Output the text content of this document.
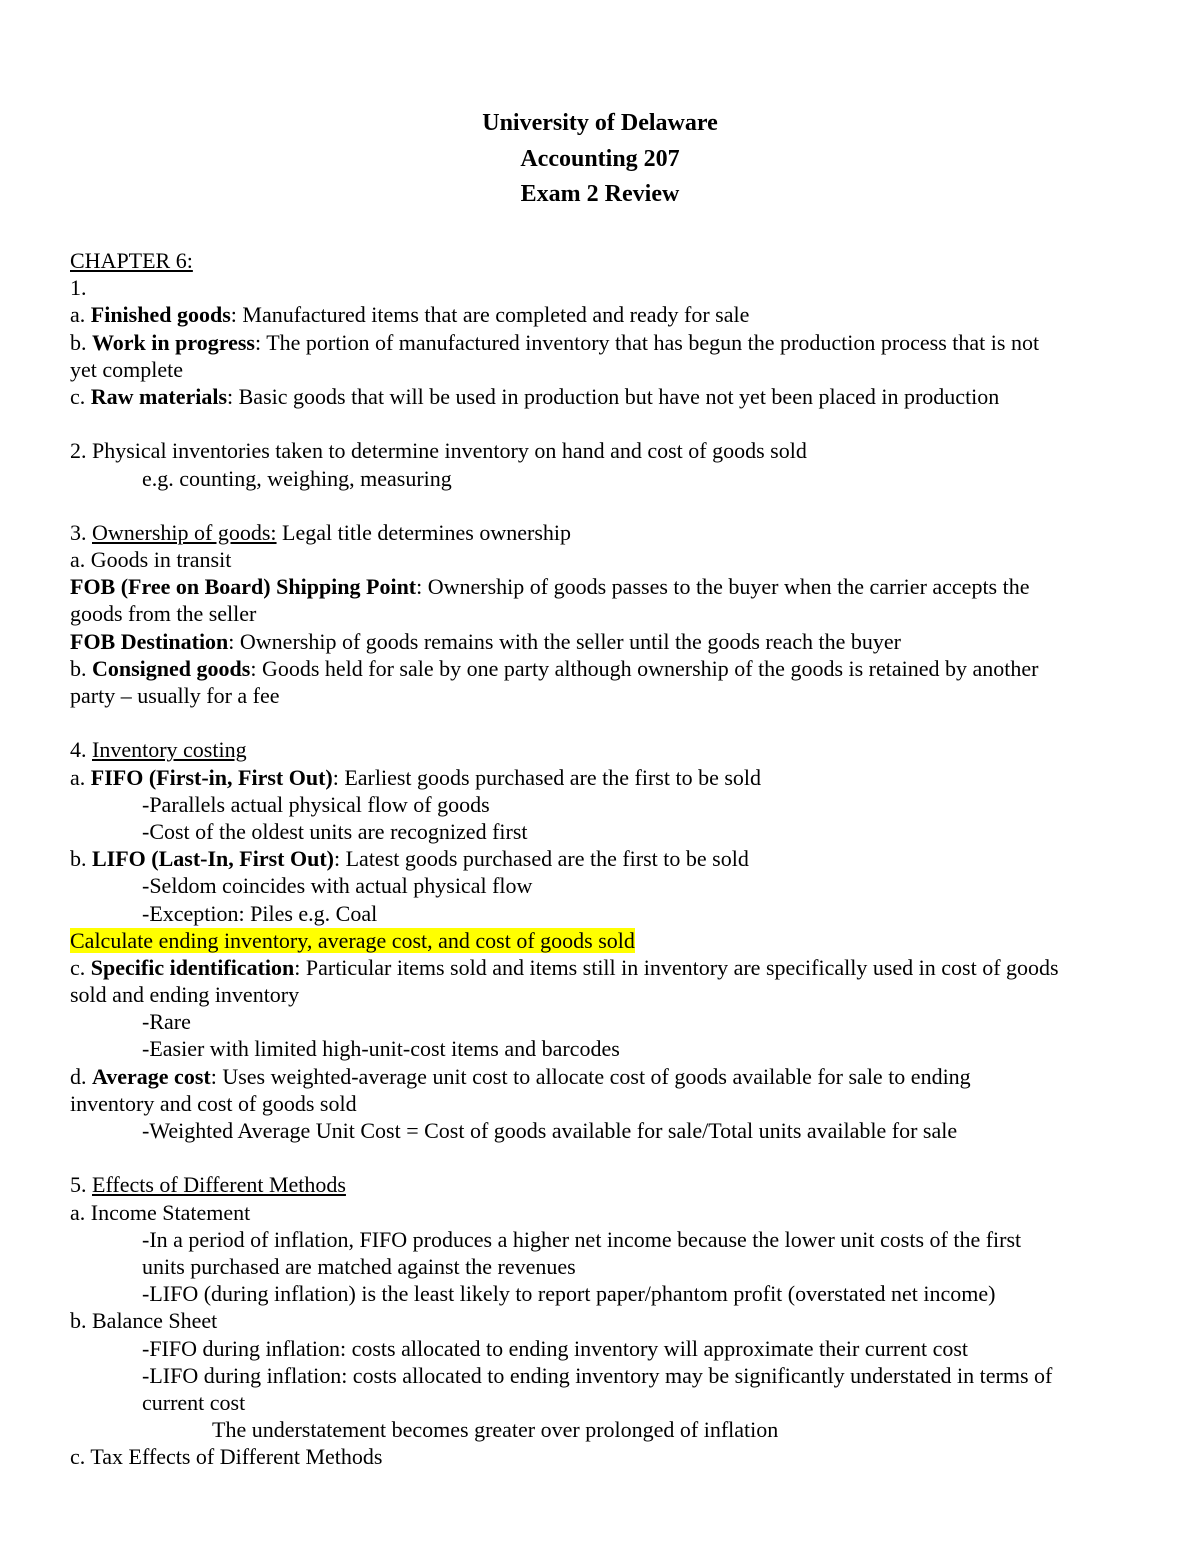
University of Delaware
Accounting 207
Exam 2 Review
CHAPTER 6:
1.
a. Finished goods: Manufactured items that are completed and ready for sale
b. Work in progress: The portion of manufactured inventory that has begun the production process that is not
yet complete
c. Raw materials: Basic goods that will be used in production but have not yet been placed in production
2. Physical inventories taken to determine inventory on hand and cost of goods sold
e.g. counting, weighing, measuring
3. Ownership of goods: Legal title determines ownership
a. Goods in transit
FOB (Free on Board) Shipping Point: Ownership of goods passes to the buyer when the carrier accepts the
goods from the seller
FOB Destination: Ownership of goods remains with the seller until the goods reach the buyer
b. Consigned goods: Goods held for sale by one party although ownership of the goods is retained by another
party – usually for a fee
4. Inventory costing
a. FIFO (First-in, First Out): Earliest goods purchased are the first to be sold
-Parallels actual physical flow of goods
-Cost of the oldest units are recognized first
b. LIFO (Last-In, First Out): Latest goods purchased are the first to be sold
-Seldom coincides with actual physical flow
-Exception: Piles e.g. Coal
Calculate ending inventory, average cost, and cost of goods sold
c. Specific identification: Particular items sold and items still in inventory are specifically used in cost of goods
sold and ending inventory
-Rare
-Easier with limited high-unit-cost items and barcodes
d. Average cost: Uses weighted-average unit cost to allocate cost of goods available for sale to ending
inventory and cost of goods sold
-Weighted Average Unit Cost = Cost of goods available for sale/Total units available for sale
5. Effects of Different Methods
a. Income Statement
-In a period of inflation, FIFO produces a higher net income because the lower unit costs of the first
units purchased are matched against the revenues
-LIFO (during inflation) is the least likely to report paper/phantom profit (overstated net income)
b. Balance Sheet
-FIFO during inflation: costs allocated to ending inventory will approximate their current cost
-LIFO during inflation: costs allocated to ending inventory may be significantly understated in terms of
current cost
The understatement becomes greater over prolonged of inflation
c. Tax Effects of Different Methods
